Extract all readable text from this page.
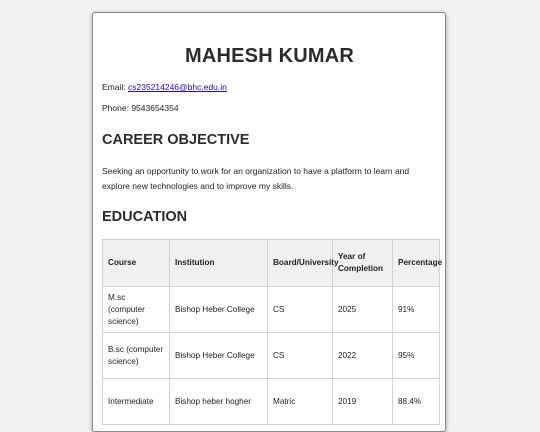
MAHESH KUMAR

Email: cs235214246@bhc.edu.in

Phone: 9543654354

CAREER OBJECTIVE

Seeking an opportunity to work for an organization to have a platform to learn and explore new technologies and to improve my skills.

EDUCATION
Course	Institution	Board/University	Year of Completion	Percentage
M.sc (computer science)	Bishop Heber College	CS	2025	91%
B.sc (computer science)	Bishop Heber College	CS	2022	95%
Intermediate	Bishop heber hogher	Matric	2019	88.4%
